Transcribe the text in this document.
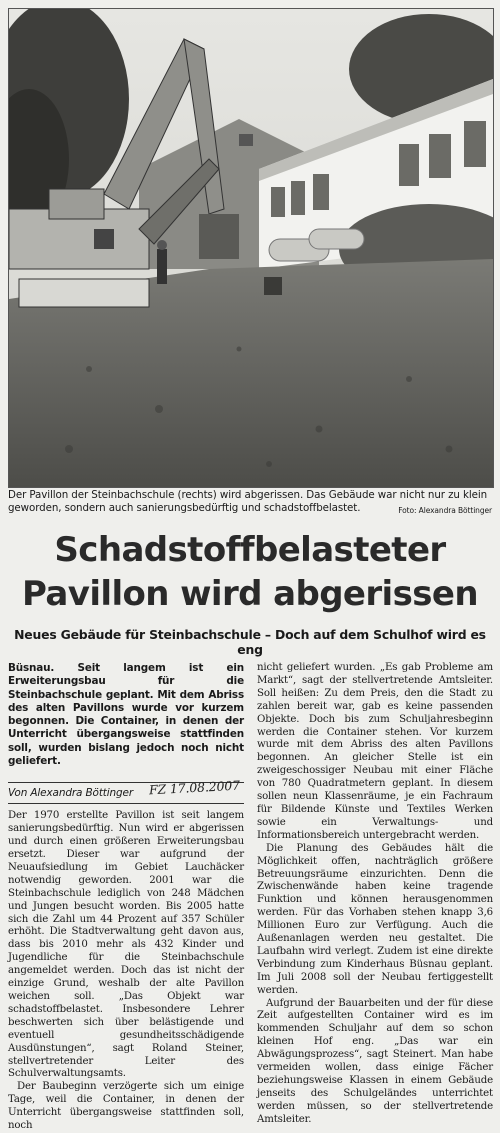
Der Pavillon der Steinbachschule (rechts) wird abgerissen. Das Gebäude war nicht nur zu klein geworden, sondern auch sanierungsbedürftig und schadstoffbelastet.	Foto: Alexandra Böttinger
Schadstoffbelasteter
Pavillon wird abgerissen
Neues Gebäude für Steinbachschule – Doch auf dem Schulhof wird es eng

Büsnau. Seit langem ist ein Erweiterungsbau für die Steinbachschule geplant. Mit dem Abriss des alten Pavillons wurde vor kurzem begonnen. Die Container, in denen der Unterricht übergangsweise stattfinden soll, wurden bislang jedoch noch nicht geliefert.

Von Alexandra Böttinger FZ 17.08.2007

Der 1970 erstellte Pavillon ist seit langem sanierungsbedürftig. Nun wird er abgerissen und durch einen größeren Erweiterungsbau ersetzt. Dieser war aufgrund der Neuaufsiedlung im Gebiet Lauchäcker notwendig geworden. 2001 war die Steinbachschule lediglich von 248 Mädchen und Jungen besucht worden. Bis 2005 hatte sich die Zahl um 44 Prozent auf 357 Schüler erhöht. Die Stadtverwaltung geht davon aus, dass bis 2010 mehr als 432 Kinder und Jugendliche für die Steinbachschule angemeldet werden. Doch das ist nicht der einzige Grund, weshalb der alte Pavillon weichen soll. „Das Objekt war schadstoffbelastet. Insbesondere Lehrer beschwerten sich über belästigende und eventuell gesundheitsschädigende Ausdünstungen“, sagt Roland Steiner, stellvertretender Leiter des Schulverwaltungsamts.

Der Baubeginn verzögerte sich um einige Tage, weil die Container, in denen der Unterricht übergangsweise stattfinden soll, noch

nicht geliefert wurden. „Es gab Probleme am Markt“, sagt der stellvertretende Amtsleiter. Soll heißen: Zu dem Preis, den die Stadt zu zahlen bereit war, gab es keine passenden Objekte. Doch bis zum Schuljahresbeginn werden die Container stehen. Vor kurzem wurde mit dem Abriss des alten Pavillons begonnen. An gleicher Stelle ist ein zweigeschossiger Neubau mit einer Fläche von 780 Quadratmetern geplant. In diesem sollen neun Klassenräume, je ein Fachraum für Bildende Künste und Textiles Werken sowie ein Verwaltungs- und Informationsbereich untergebracht werden.

Die Planung des Gebäudes hält die Möglichkeit offen, nachträglich größere Betreuungsräume einzurichten. Denn die Zwischenwände haben keine tragende Funktion und können herausgenommen werden. Für das Vorhaben stehen knapp 3,6 Millionen Euro zur Verfügung. Auch die Außenanlagen werden neu gestaltet. Die Laufbahn wird verlegt. Zudem ist eine direkte Verbindung zum Kinderhaus Büsnau geplant. Im Juli 2008 soll der Neubau fertiggestellt werden.

Aufgrund der Bauarbeiten und der für diese Zeit aufgestellten Container wird es im kommenden Schuljahr auf dem so schon kleinen Hof eng. „Das war ein Abwägungsprozess“, sagt Steinert. Man habe vermeiden wollen, dass einige Fächer beziehungsweise Klassen in einem Gebäude jenseits des Schulgeländes unterrichtet werden müssen, so der stellvertretende Amtsleiter.
